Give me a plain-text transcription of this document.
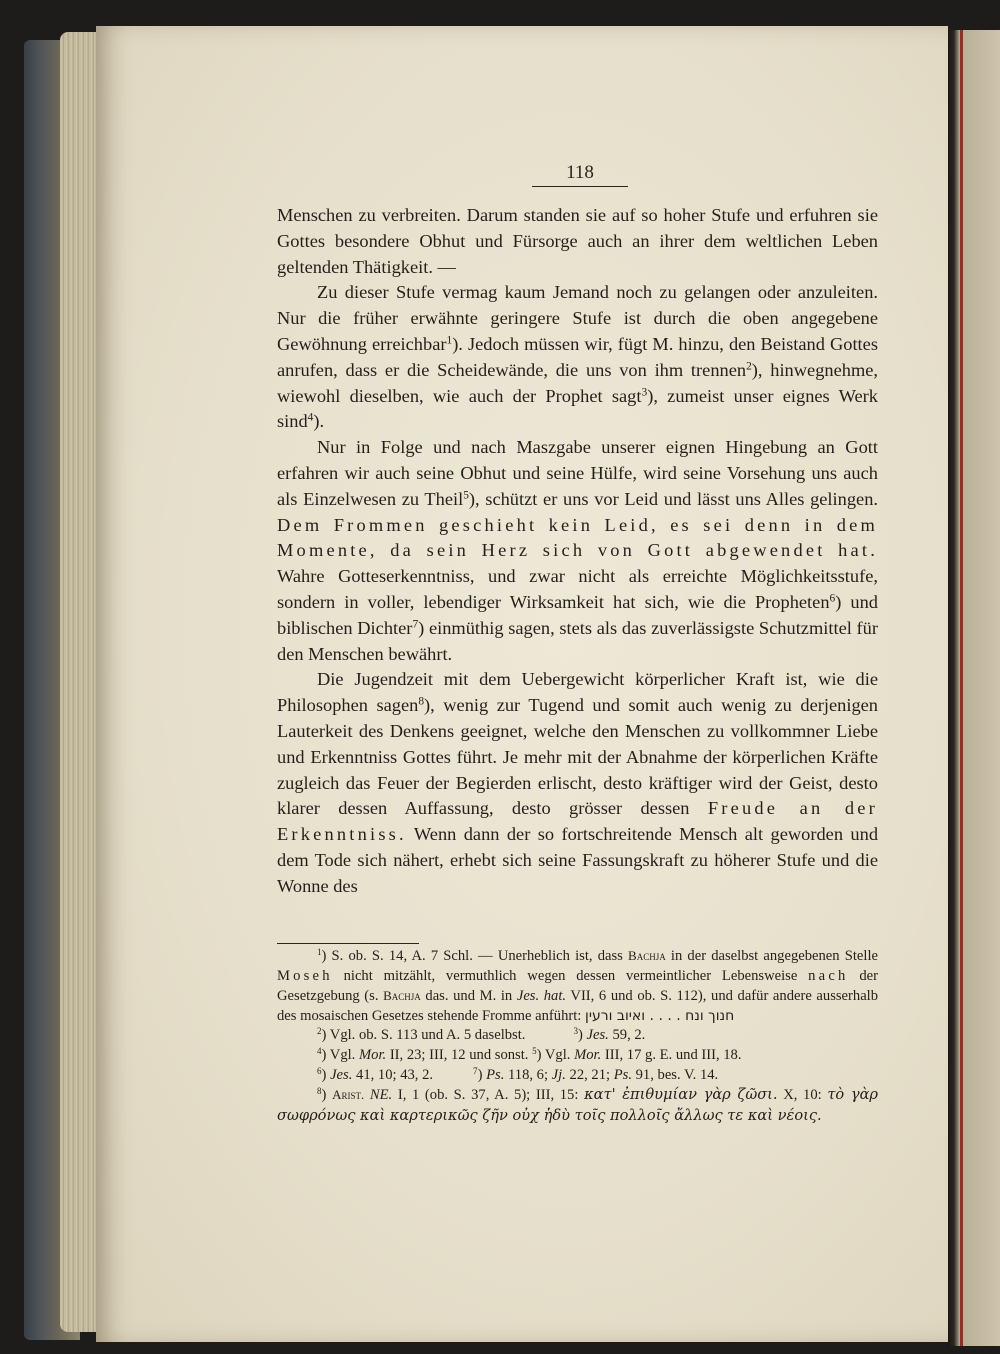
118

Menschen zu verbreiten. Darum standen sie auf so hoher Stufe und erfuhren sie Gottes besondere Obhut und Fürsorge auch an ihrer dem weltlichen Leben geltenden Thätigkeit. —

Zu dieser Stufe vermag kaum Jemand noch zu gelangen oder anzuleiten. Nur die früher erwähnte geringere Stufe ist durch die oben angegebene Gewöhnung erreichbar$^1$). Jedoch müssen wir, fügt M. hinzu, den Beistand Gottes anrufen, dass er die Scheidewände, die uns von ihm trennen$^2$), hinwegnehme, wiewohl dieselben, wie auch der Prophet sagt$^3$), zumeist unser eignes Werk sind$^4$).

Nur in Folge und nach Maszgabe unserer eignen Hingebung an Gott erfahren wir auch seine Obhut und seine Hülfe, wird seine Vorsehung uns auch als Einzelwesen zu Theil$^5$), schützt er uns vor Leid und lässt uns Alles gelingen. Dem Frommen geschieht kein Leid, es sei denn in dem Momente, da sein Herz sich von Gott abgewendet hat. Wahre Gotteserkenntniss, und zwar nicht als erreichte Möglichkeitsstufe, sondern in voller, lebendiger Wirksamkeit hat sich, wie die Propheten$^6$) und biblischen Dichter$^7$) einmüthig sagen, stets als das zuverlässigste Schutzmittel für den Menschen bewährt.

Die Jugendzeit mit dem Uebergewicht körperlicher Kraft ist, wie die Philosophen sagen$^8$), wenig zur Tugend und somit auch wenig zu derjenigen Lauterkeit des Denkens geeignet, welche den Menschen zu vollkommner Liebe und Erkenntniss Gottes führt. Je mehr mit der Abnahme der körperlichen Kräfte zugleich das Feuer der Begierden erlischt, desto kräftiger wird der Geist, desto klarer dessen Auffassung, desto grösser dessen Freude an der Erkenntniss. Wenn dann der so fortschreitende Mensch alt geworden und dem Tode sich nähert, erhebt sich seine Fassungskraft zu höherer Stufe und die Wonne des

$^1$) S. ob. S. 14, A. 7 Schl. — Unerheblich ist, dass Bachja in der daselbst angegebenen Stelle Moseh nicht mitzählt, vermuthlich wegen dessen vermeintlicher Lebensweise nach der Gesetzgebung (s. Bachja das. und M. in Jes. hat. VII, 6 und ob. S. 112), und dafür andere ausserhalb des mosaischen Gesetzes stehende Fromme anführt: חנוך ונח . . . . ואיוב ורעין

$^2$) Vgl. ob. S. 113 und A. 5 daselbst.	$^3$) Jes. 59, 2.

$^4$) Vgl. Mor. II, 23; III, 12 und sonst. $^5$) Vgl. Mor. III, 17 g. E. und III, 18.

$^6$) Jes. 41, 10; 43, 2.	$^7$) Ps. 118, 6; Jj. 22, 21; Ps. 91, bes. V. 14.

$^8$) Arist. NE. I, 1 (ob. S. 37, A. 5); III, 15: κατ' ἐπιθυμίαν γὰρ ζῶσι. X, 10: τὸ γὰρ σωφρόνως καὶ καρτερικῶς ζῆν οὐχ ἡδὺ τοῖς πολλοῖς ἄλλως τε καὶ νέοις.
